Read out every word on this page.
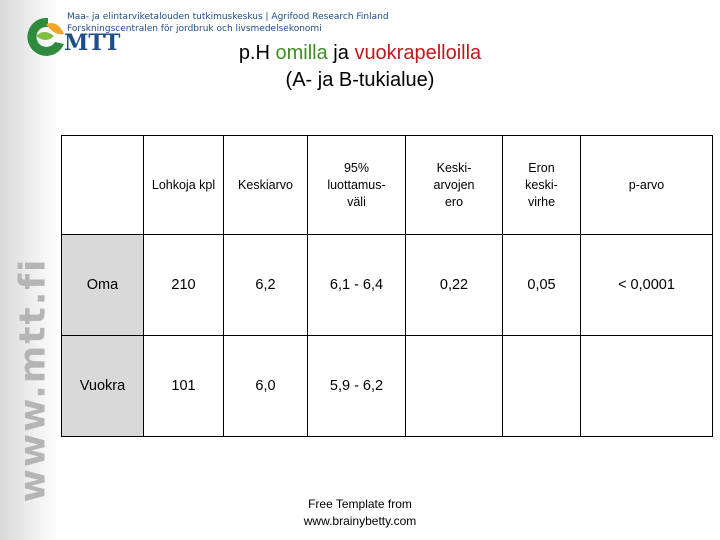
www.mtt.fi
MTT
Maa- ja elintarviketalouden tutkimuskeskus | Agrifood Research Finland
Forskningscentralen för jordbruk och livsmedelsekonomi
p.H omilla ja vuokrapelloilla
(A- ja B-tukialue)
	Lohkoja kpl	Keskiarvo	95%
luottamus-
väli	Keski-
arvojen
ero	Eron
keski-
virhe	p-arvo
Oma	210	6,2	6,1 - 6,4	0,22	0,05	< 0,0001
Vuokra	101	6,0	5,9 - 6,2			
Free Template from
www.brainybetty.com
